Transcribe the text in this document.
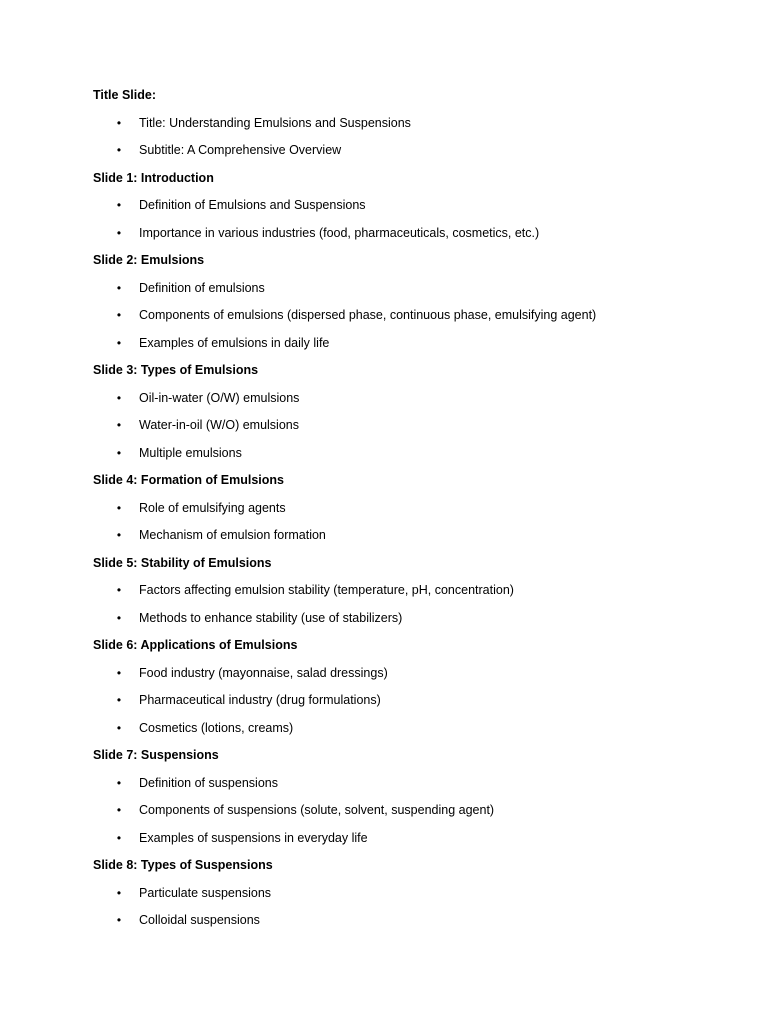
Title Slide:
• Title: Understanding Emulsions and Suspensions
• Subtitle: A Comprehensive Overview
Slide 1: Introduction
• Definition of Emulsions and Suspensions
• Importance in various industries (food, pharmaceuticals, cosmetics, etc.)
Slide 2: Emulsions
• Definition of emulsions
• Components of emulsions (dispersed phase, continuous phase, emulsifying agent)
• Examples of emulsions in daily life
Slide 3: Types of Emulsions
• Oil-in-water (O/W) emulsions
• Water-in-oil (W/O) emulsions
• Multiple emulsions
Slide 4: Formation of Emulsions
• Role of emulsifying agents
• Mechanism of emulsion formation
Slide 5: Stability of Emulsions
• Factors affecting emulsion stability (temperature, pH, concentration)
• Methods to enhance stability (use of stabilizers)
Slide 6: Applications of Emulsions
• Food industry (mayonnaise, salad dressings)
• Pharmaceutical industry (drug formulations)
• Cosmetics (lotions, creams)
Slide 7: Suspensions
• Definition of suspensions
• Components of suspensions (solute, solvent, suspending agent)
• Examples of suspensions in everyday life
Slide 8: Types of Suspensions
• Particulate suspensions
• Colloidal suspensions
